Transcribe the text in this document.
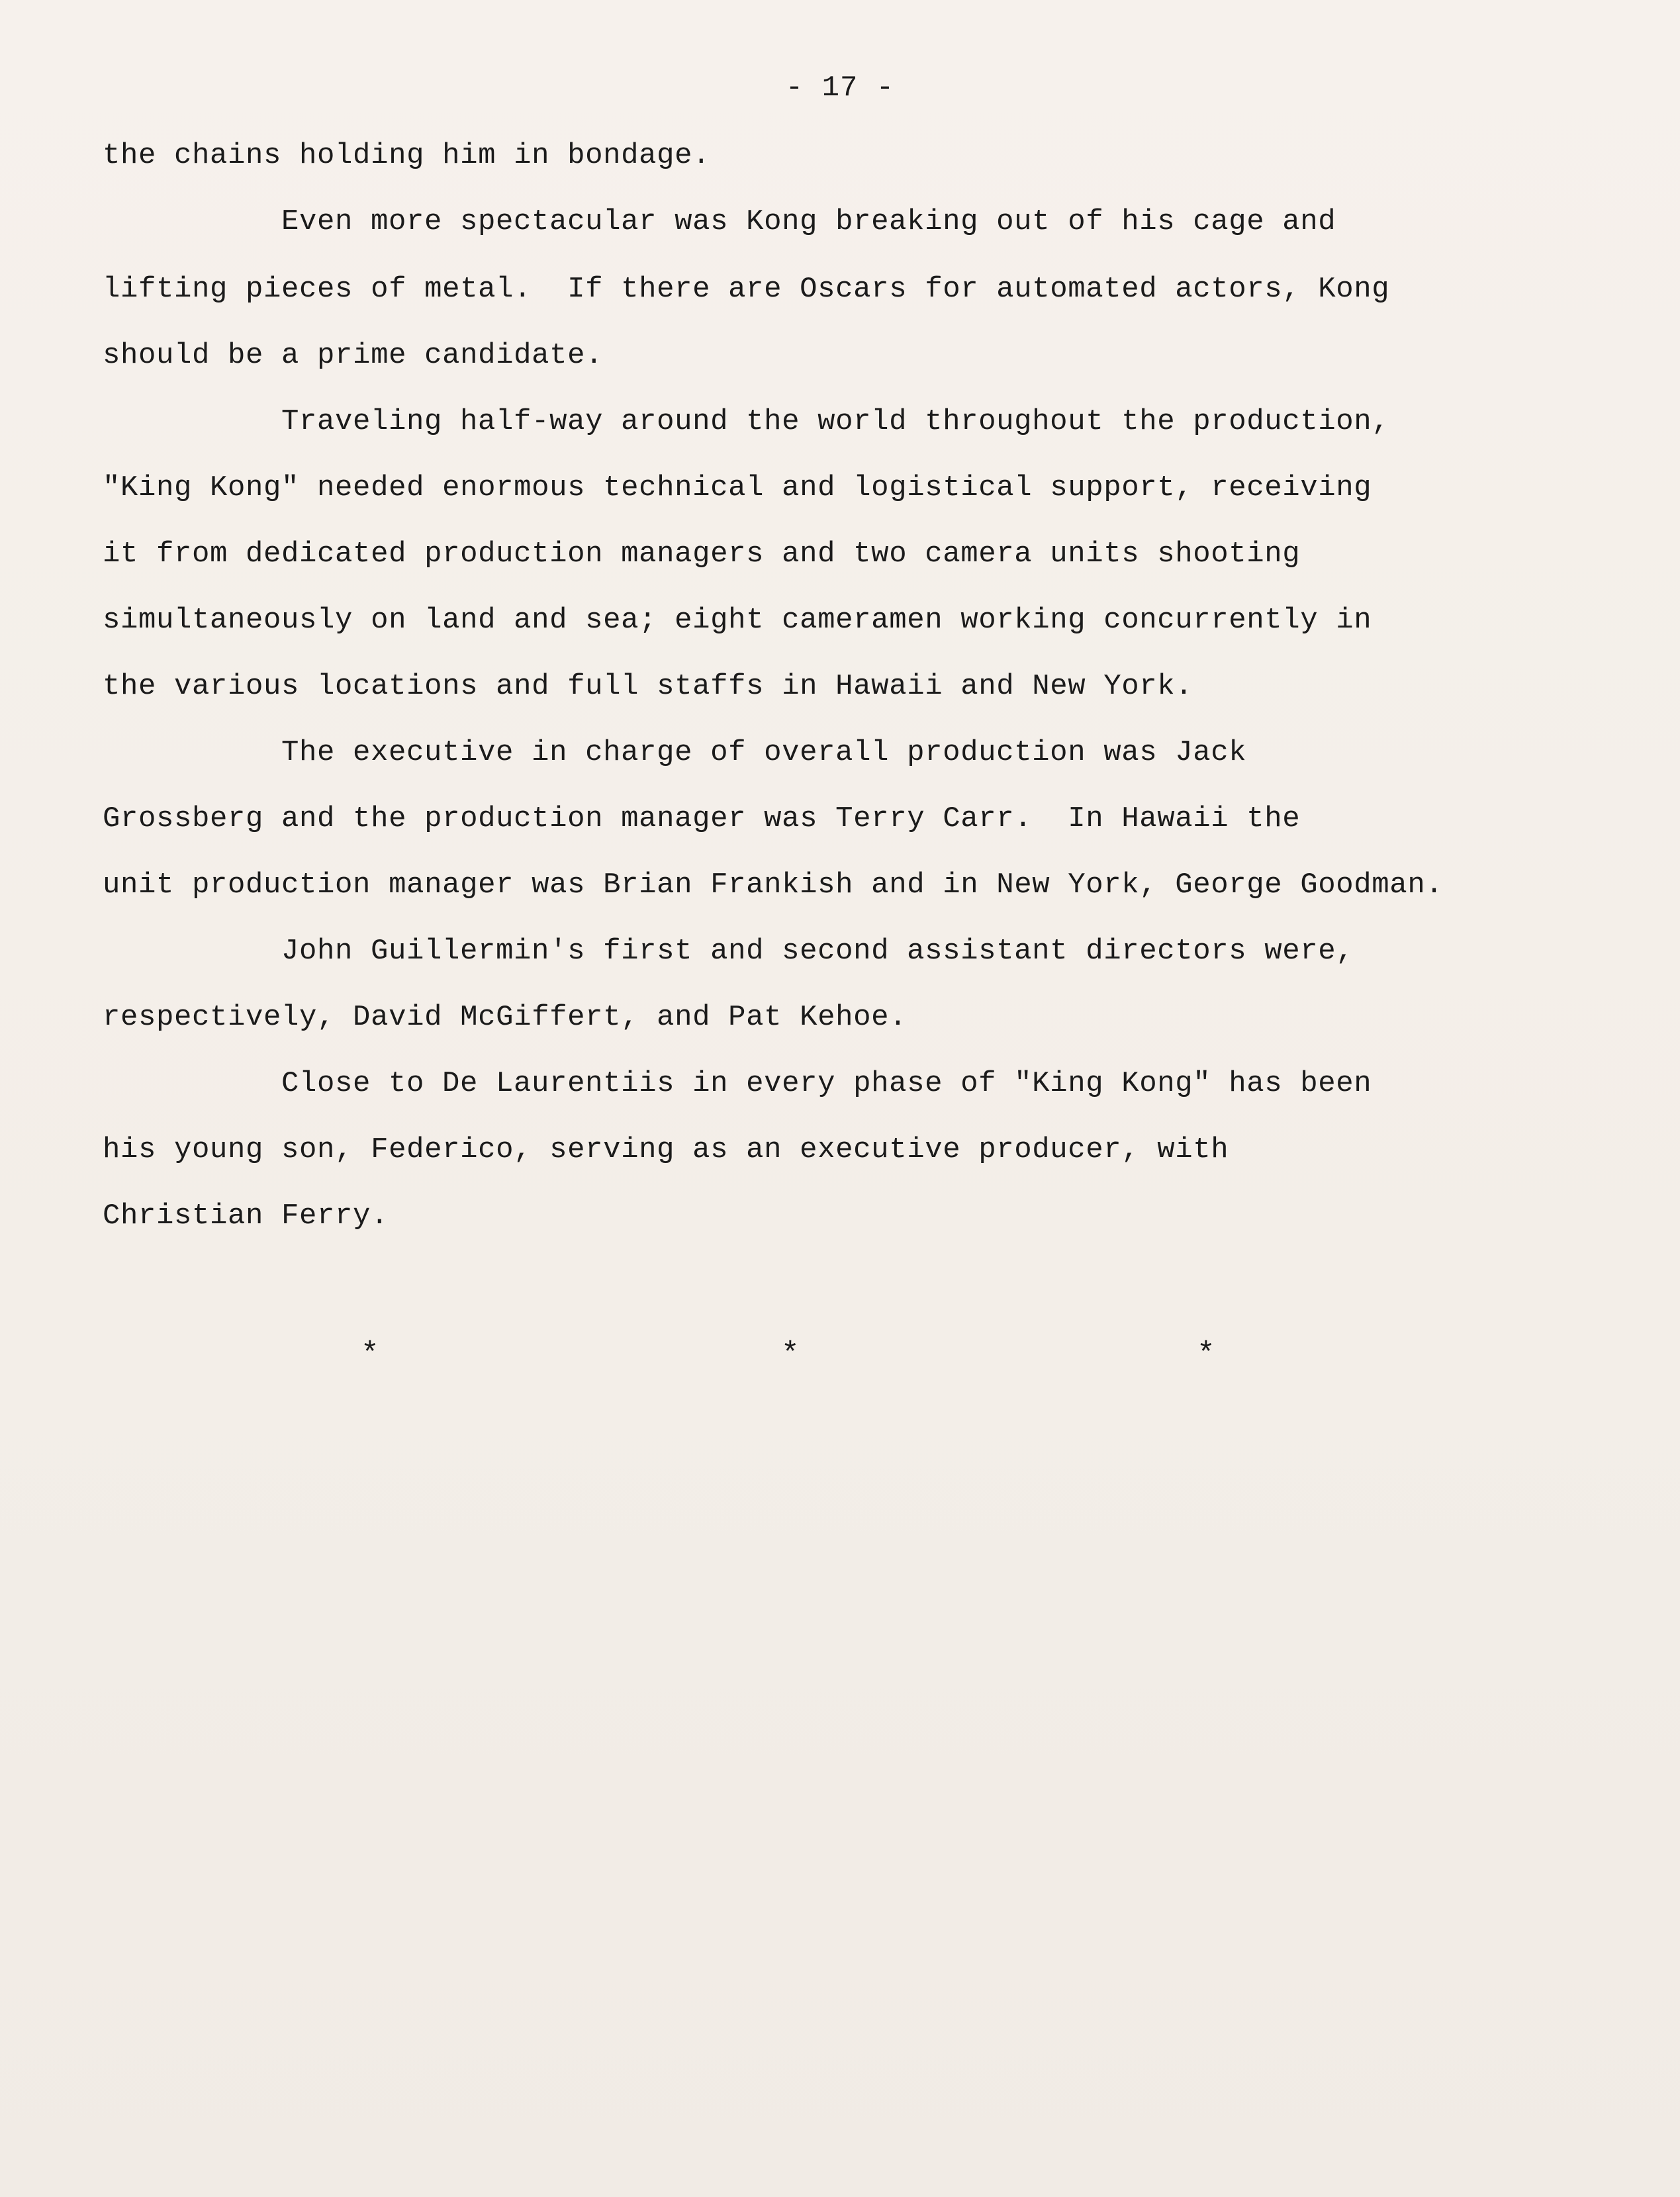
- 17 -
the chains holding him in bondage.
Even more spectacular was Kong breaking out of his cage and
lifting pieces of metal.  If there are Oscars for automated actors, Kong
should be a prime candidate.
Traveling half-way around the world throughout the production,
"King Kong" needed enormous technical and logistical support, receiving
it from dedicated production managers and two camera units shooting
simultaneously on land and sea; eight cameramen working concurrently in
the various locations and full staffs in Hawaii and New York.
The executive in charge of overall production was Jack
Grossberg and the production manager was Terry Carr.  In Hawaii the
unit production manager was Brian Frankish and in New York, George Goodman.
John Guillermin's first and second assistant directors were,
respectively, David McGiffert, and Pat Kehoe.
Close to De Laurentiis in every phase of "King Kong" has been
his young son, Federico, serving as an executive producer, with
Christian Ferry.
*	*	*
